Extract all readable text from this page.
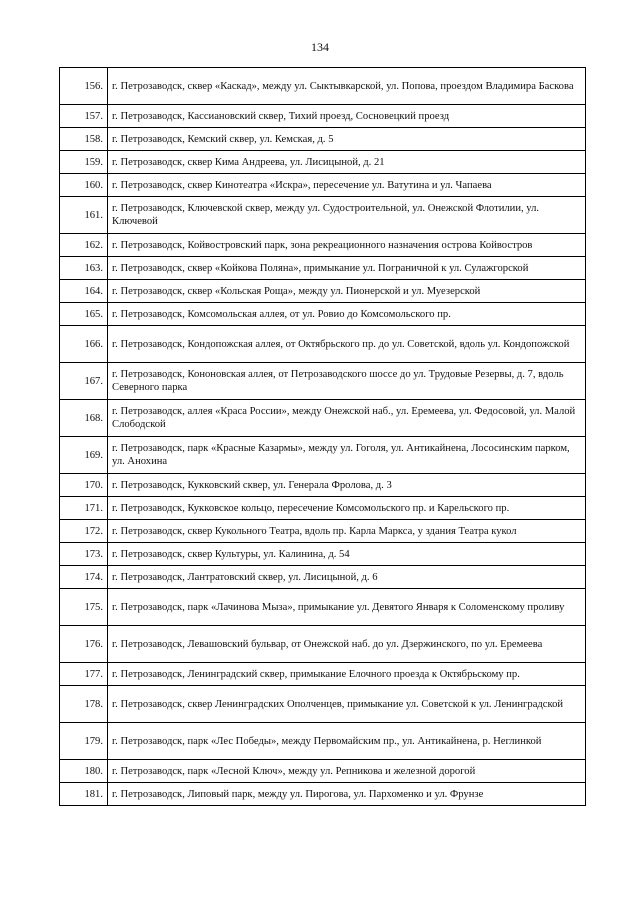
134
156.	г. Петрозаводск, сквер «Каскад», между ул. Сыктывкарской, ул. Попова, проездом Владимира Баскова
157.	г. Петрозаводск, Кассиановский сквер, Тихий проезд, Сосновецкий проезд
158.	г. Петрозаводск, Кемский сквер, ул. Кемская, д. 5
159.	г. Петрозаводск, сквер Кима Андреева, ул. Лисицыной, д. 21
160.	г. Петрозаводск, сквер Кинотеатра «Искра», пересечение ул. Ватутина и ул. Чапаева
161.	г. Петрозаводск, Ключевской сквер, между ул. Судостроительной, ул. Онежской Флотилии, ул. Ключевой
162.	г. Петрозаводск, Койвостровский парк, зона рекреационного назначения острова Койвостров
163.	г. Петрозаводск, сквер «Койкова Поляна», примыкание ул. Пограничной к ул. Сулажгорской
164.	г. Петрозаводск, сквер «Кольская Роща», между ул. Пионерской и ул. Муезерской
165.	г. Петрозаводск, Комсомольская аллея, от ул. Ровио до Комсомольского пр.
166.	г. Петрозаводск, Кондопожская аллея, от Октябрьского пр. до ул. Советской, вдоль ул. Кондопожской
167.	г. Петрозаводск, Кононовская аллея, от Петрозаводского шоссе до ул. Трудовые Резервы, д. 7, вдоль Северного парка
168.	г. Петрозаводск, аллея «Краса России», между Онежской наб., ул. Еремеева, ул. Федосовой, ул. Малой Слободской
169.	г. Петрозаводск, парк «Красные Казармы», между ул. Гоголя, ул. Антикайнена, Лососинским парком, ул. Анохина
170.	г. Петрозаводск, Кукковский сквер, ул. Генерала Фролова, д. 3
171.	г. Петрозаводск, Кукковское кольцо, пересечение Комсомольского пр. и Карельского пр.
172.	г. Петрозаводск, сквер Кукольного Театра, вдоль пр. Карла Маркса, у здания Театра кукол
173.	г. Петрозаводск, сквер Культуры, ул. Калинина, д. 54
174.	г. Петрозаводск, Лантратовский сквер, ул. Лисицыной, д. 6
175.	г. Петрозаводск, парк «Лачинова Мыза», примыкание ул. Девятого Января к Соломенскому проливу
176.	г. Петрозаводск, Левашовский бульвар, от Онежской наб. до ул. Дзержинского, по ул. Еремеева
177.	г. Петрозаводск, Ленинградский сквер, примыкание Елочного проезда к Октябрьскому пр.
178.	г. Петрозаводск, сквер Ленинградских Ополченцев, примыкание ул. Советской к ул. Ленинградской
179.	г. Петрозаводск, парк «Лес Победы», между Первомайским пр., ул. Антикайнена, р. Неглинкой
180.	г. Петрозаводск, парк «Лесной Ключ», между ул. Репникова и железной дорогой
181.	г. Петрозаводск, Липовый парк, между ул. Пирогова, ул. Пархоменко и ул. Фрунзе
